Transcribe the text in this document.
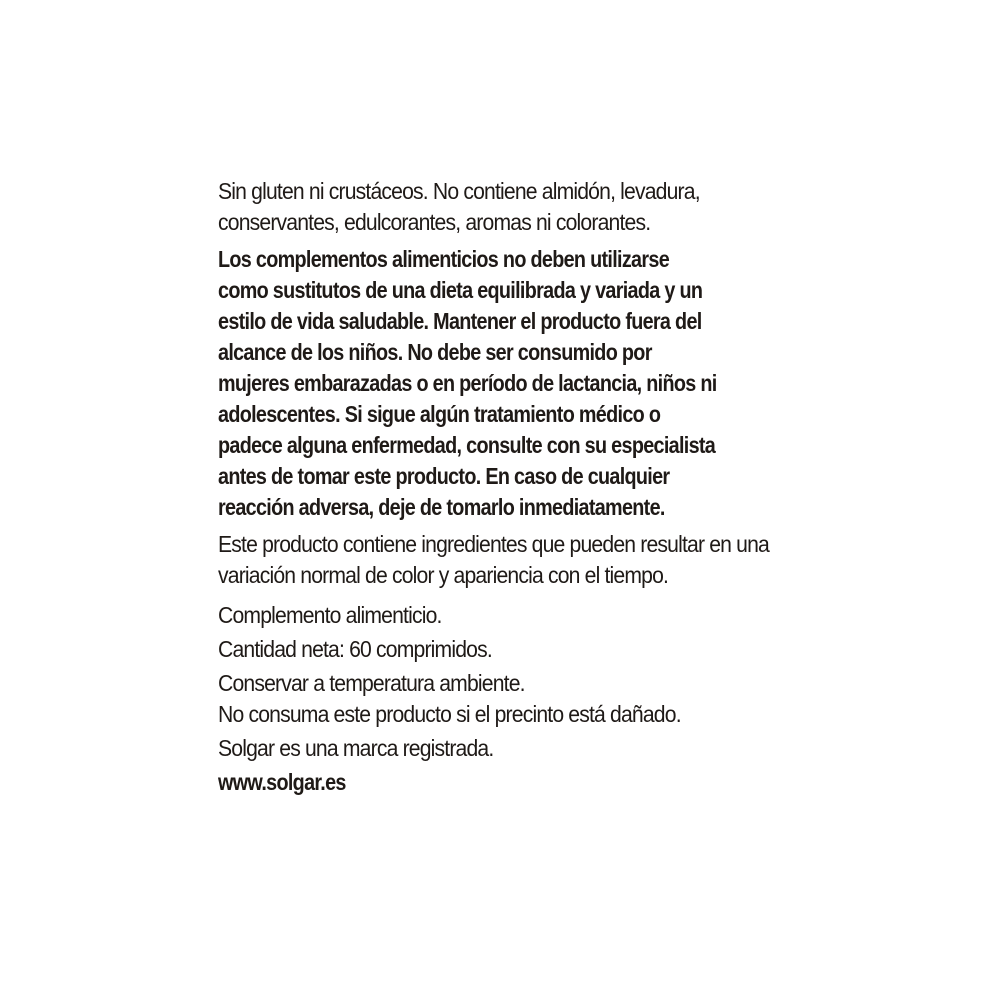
Sin gluten ni crustáceos. No contiene almidón, levadura,
conservantes, edulcorantes, aromas ni colorantes.

Los complementos alimenticios no deben utilizarse
como sustitutos de una dieta equilibrada y variada y un
estilo de vida saludable. Mantener el producto fuera del
alcance de los niños. No debe ser consumido por
mujeres embarazadas o en período de lactancia, niños ni
adolescentes. Si sigue algún tratamiento médico o
padece alguna enfermedad, consulte con su especialista
antes de tomar este producto. En caso de cualquier
reacción adversa, deje de tomarlo inmediatamente.

Este producto contiene ingredientes que pueden resultar en una
variación normal de color y apariencia con el tiempo.

Complemento alimenticio.

Cantidad neta: 60 comprimidos.

Conservar a temperatura ambiente.
No consuma este producto si el precinto está dañado.

Solgar es una marca registrada.

www.solgar.es
